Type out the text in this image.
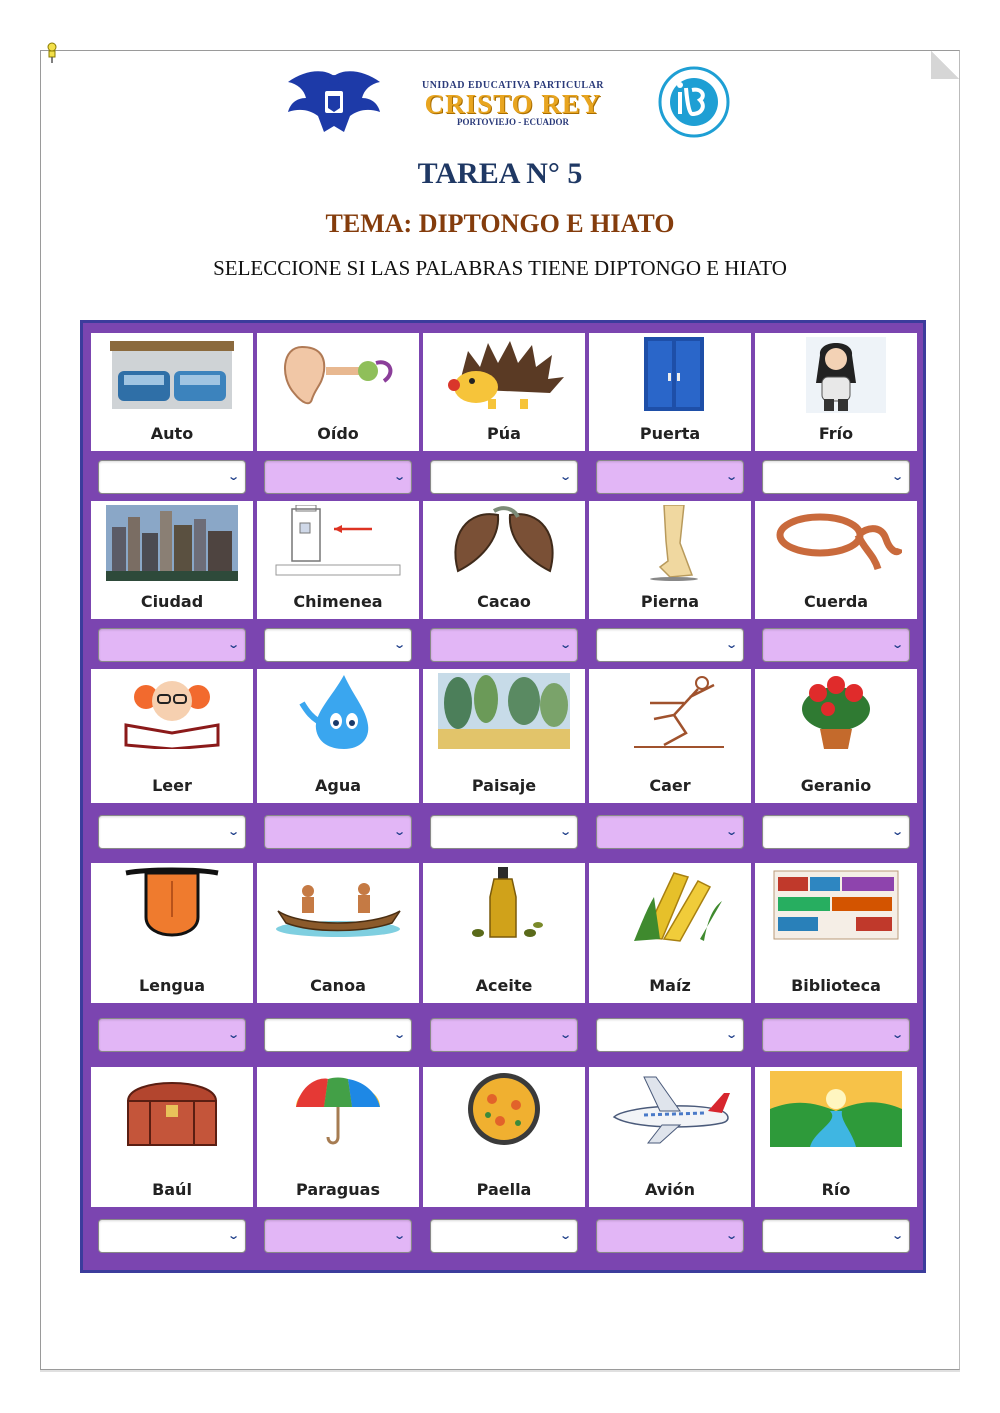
UNIDAD EDUCATIVA PARTICULAR
CRISTO REY
PORTOVIEJO - ECUADOR
TAREA N° 5
TEMA: DIPTONGO E HIATO
SELECCIONE SI LAS PALABRAS TIENE DIPTONGO E HIATO
Auto	Oído	Púa	Puerta	Frío
⌄	⌄	⌄	⌄	⌄
Ciudad	Chimenea	Cacao	Pierna	Cuerda
⌄	⌄	⌄	⌄	⌄
Leer	Agua	Paisaje	Caer	Geranio
⌄	⌄	⌄	⌄	⌄
Lengua	Canoa	Aceite	Maíz	Biblioteca
⌄	⌄	⌄	⌄	⌄
Baúl	Paraguas	Paella	Avión	Río
⌄	⌄	⌄	⌄	⌄
